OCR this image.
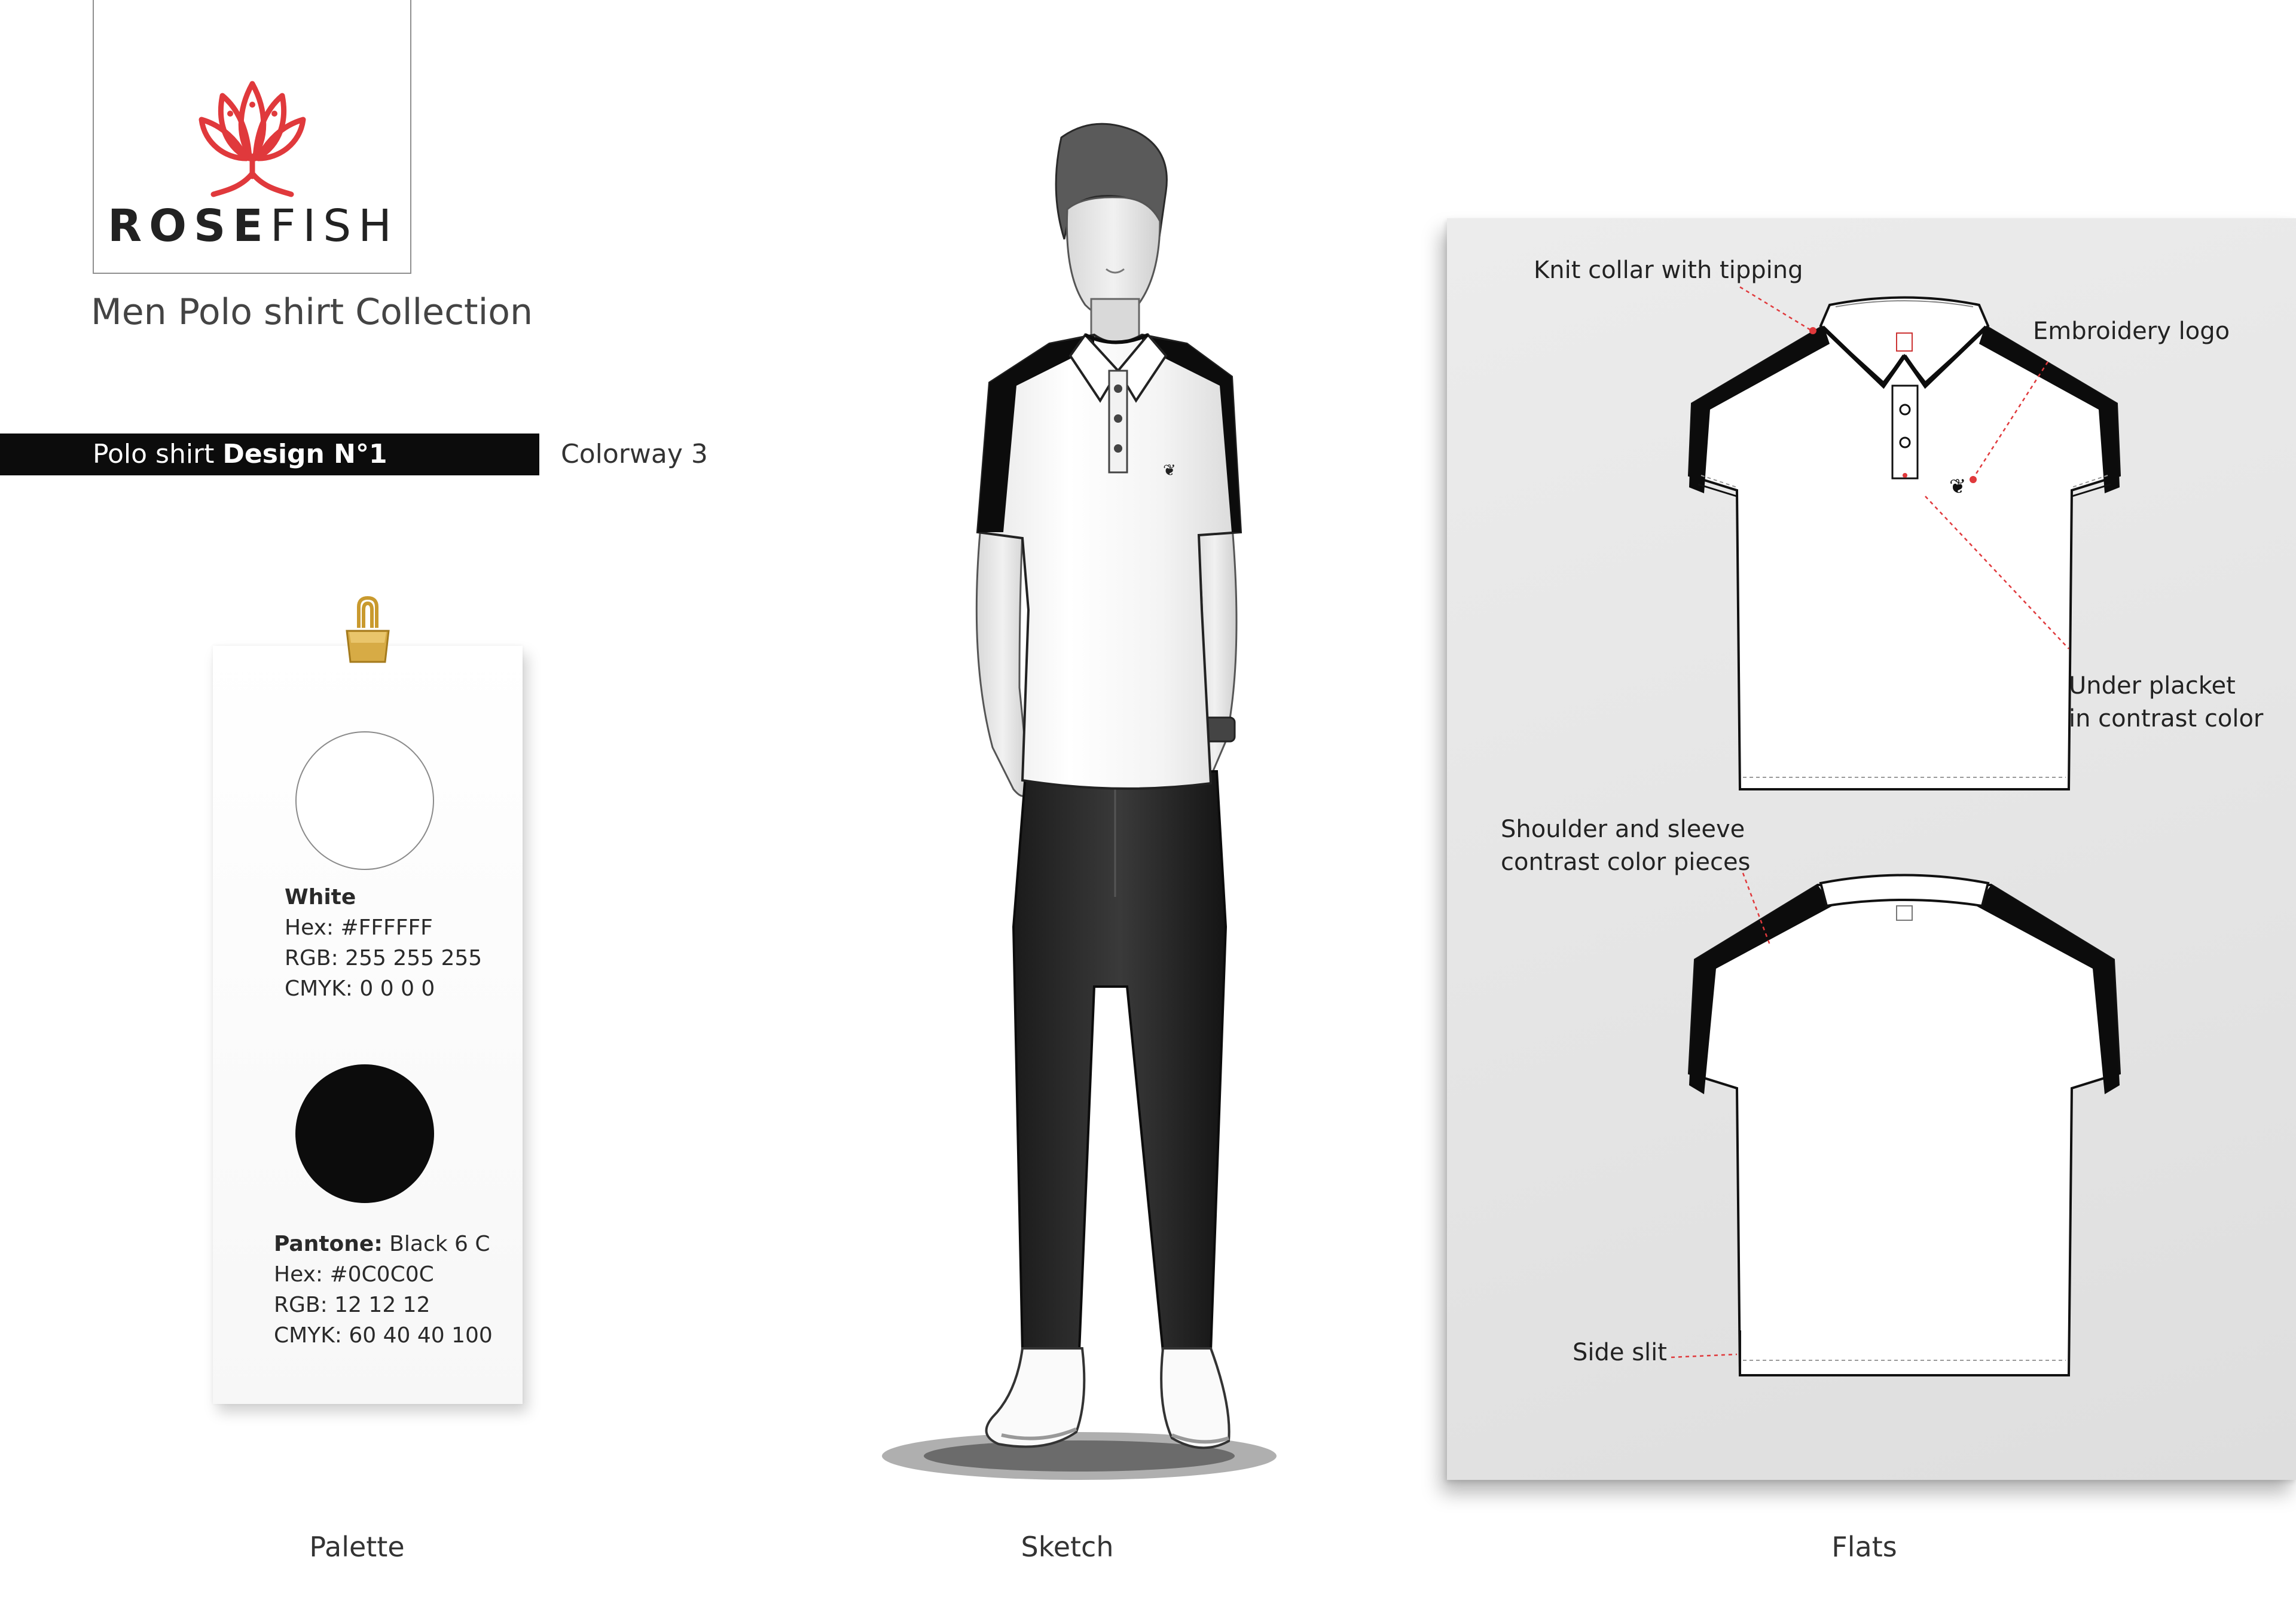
ROSEFISH
Men Polo shirt Collection
Polo shirt Design N°1	Colorway 3
White
Hex: #FFFFFF
RGB: 255 255 255
CMYK: 0 0 0 0
Pantone: Black 6 C
Hex: #0C0C0C
RGB: 12 12 12
CMYK: 60 40 40 100
❦
❦
Knit collar with tipping
Embroidery logo
Under placket
in contrast color
Shoulder and sleeve
contrast color pieces
Side slit
Palette	Sketch	Flats
